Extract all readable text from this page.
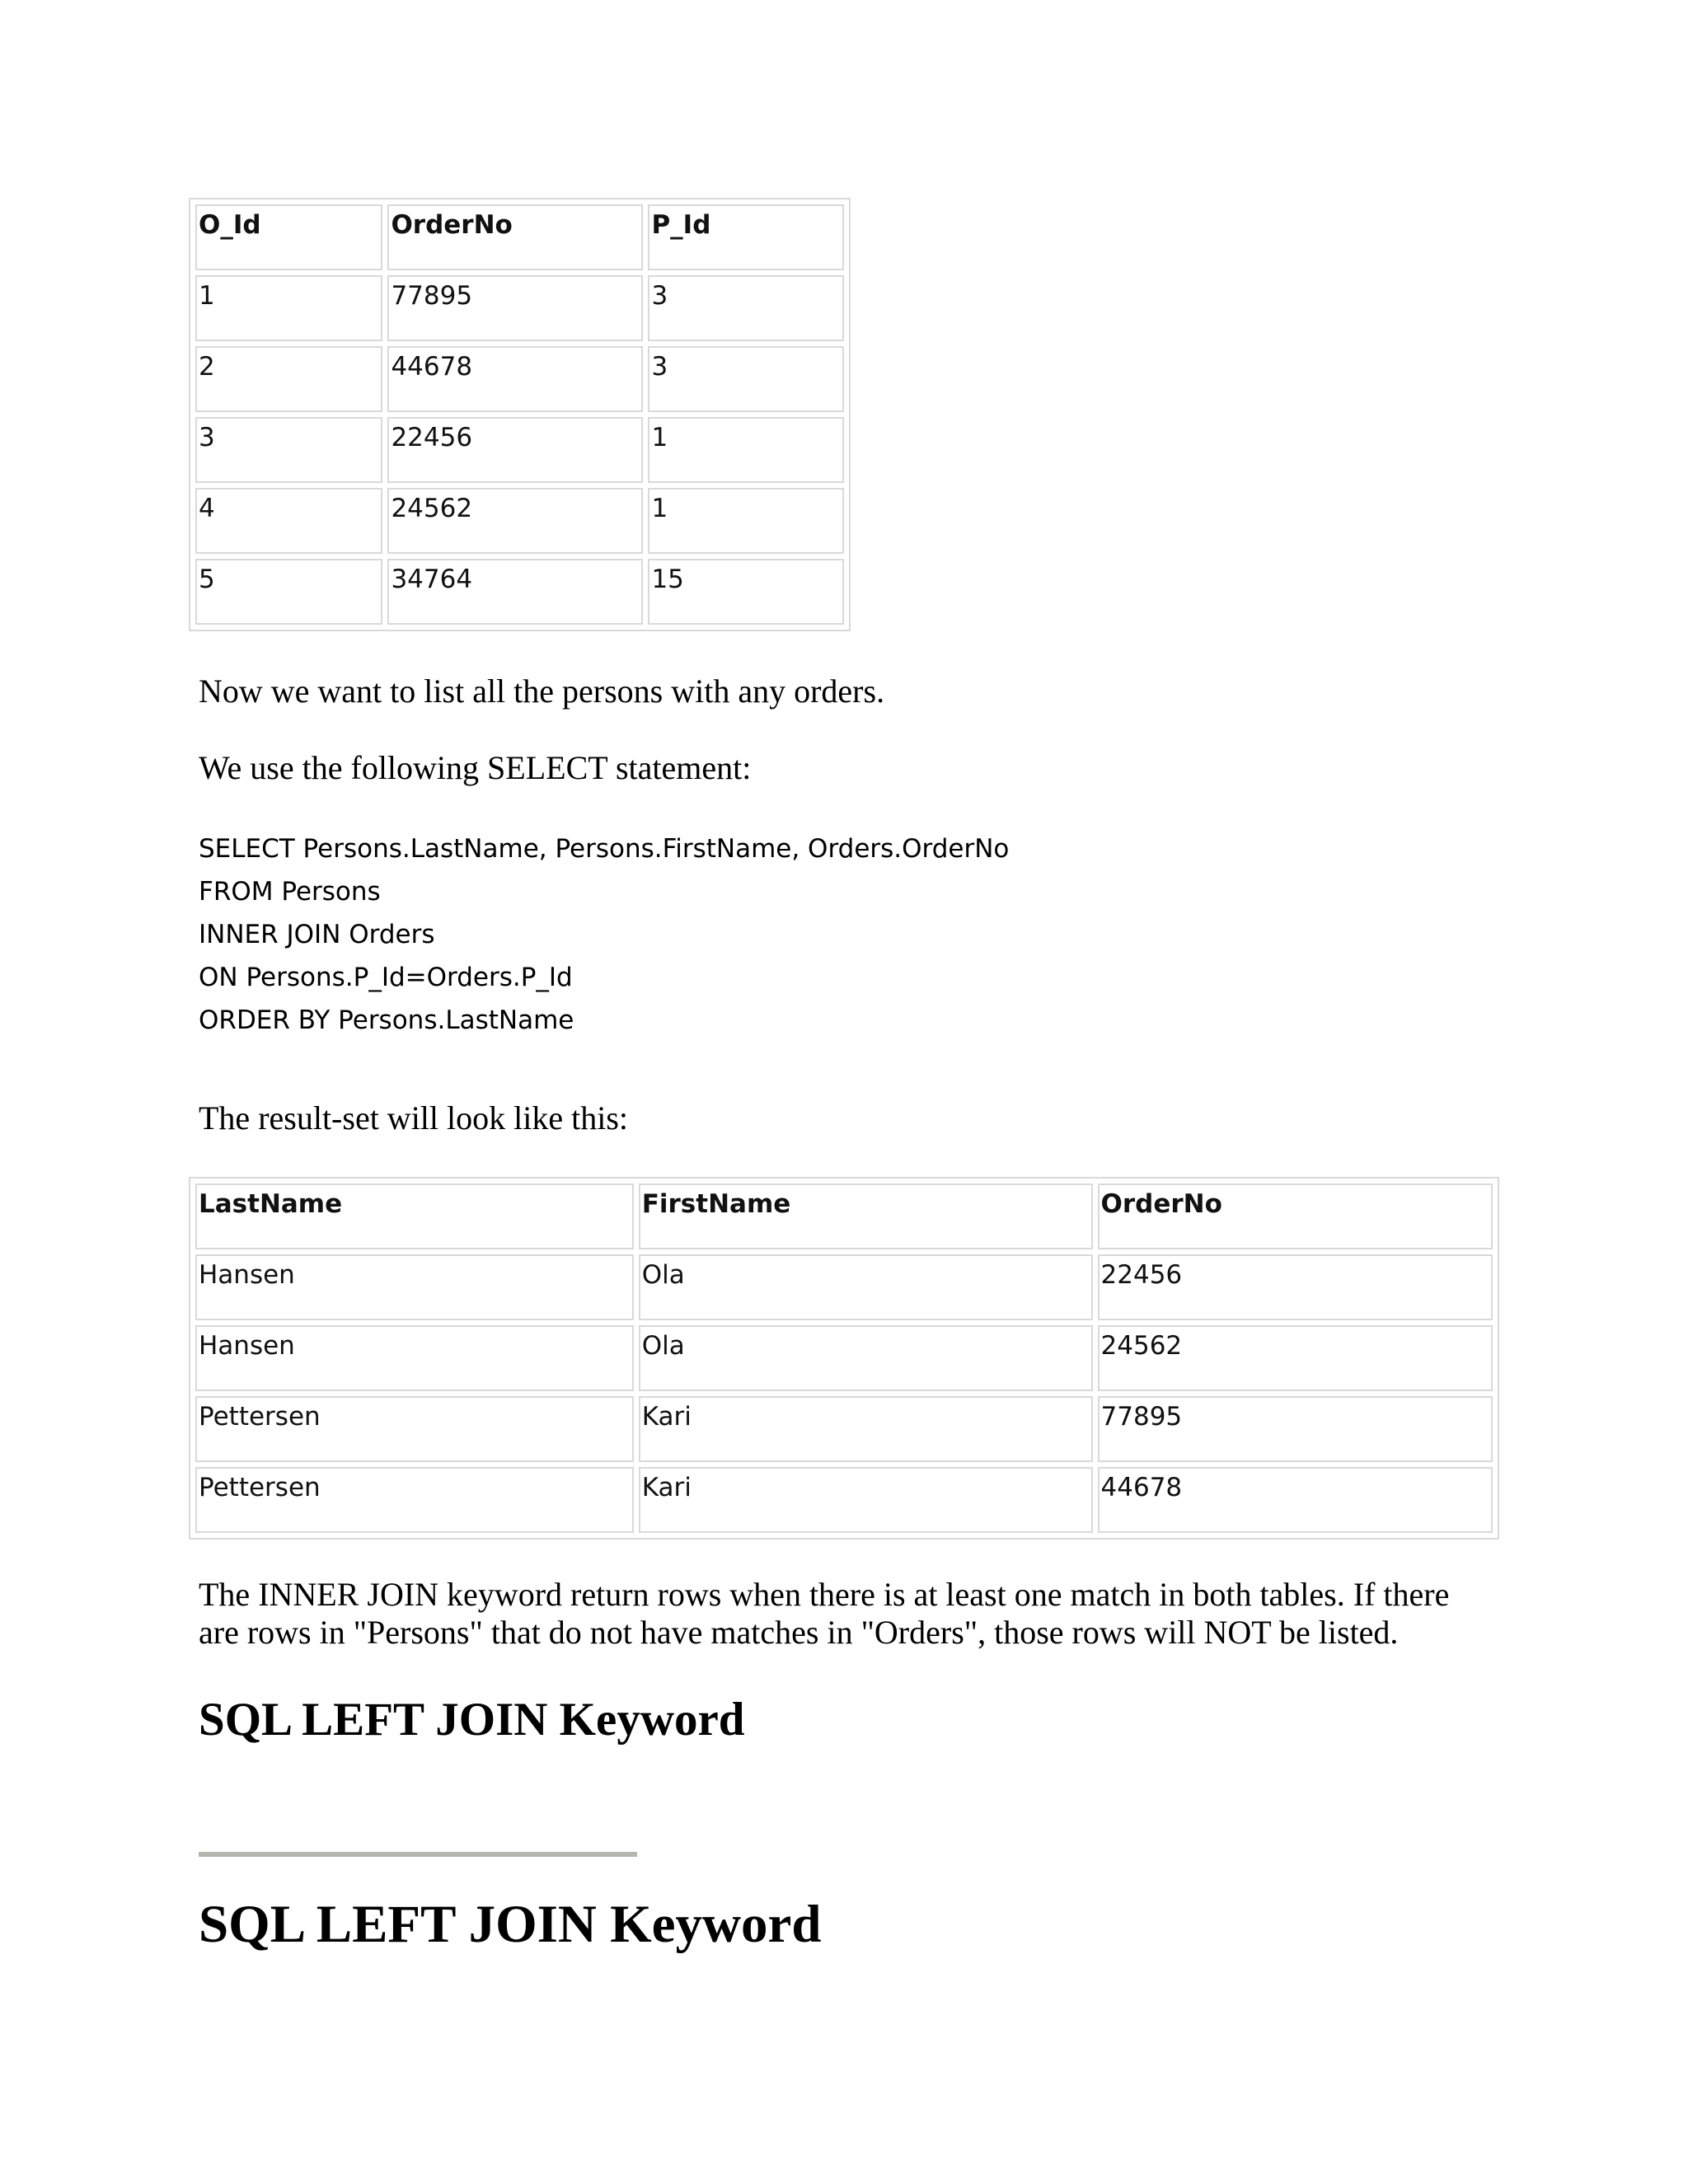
O_Id	OrderNo	P_Id
1	77895	3
2	44678	3
3	22456	1
4	24562	1
5	34764	15

Now we want to list all the persons with any orders.

We use the following SELECT statement:

SELECT Persons.LastName, Persons.FirstName, Orders.OrderNo
FROM Persons
INNER JOIN Orders
ON Persons.P_Id=Orders.P_Id
ORDER BY Persons.LastName

The result-set will look like this:

LastName	FirstName	OrderNo
Hansen	Ola	22456
Hansen	Ola	24562
Pettersen	Kari	77895
Pettersen	Kari	44678

The INNER JOIN keyword return rows when there is at least one match in both tables. If there

are rows in "Persons" that do not have matches in "Orders", those rows will NOT be listed.

SQL LEFT JOIN Keyword
SQL LEFT JOIN Keyword
